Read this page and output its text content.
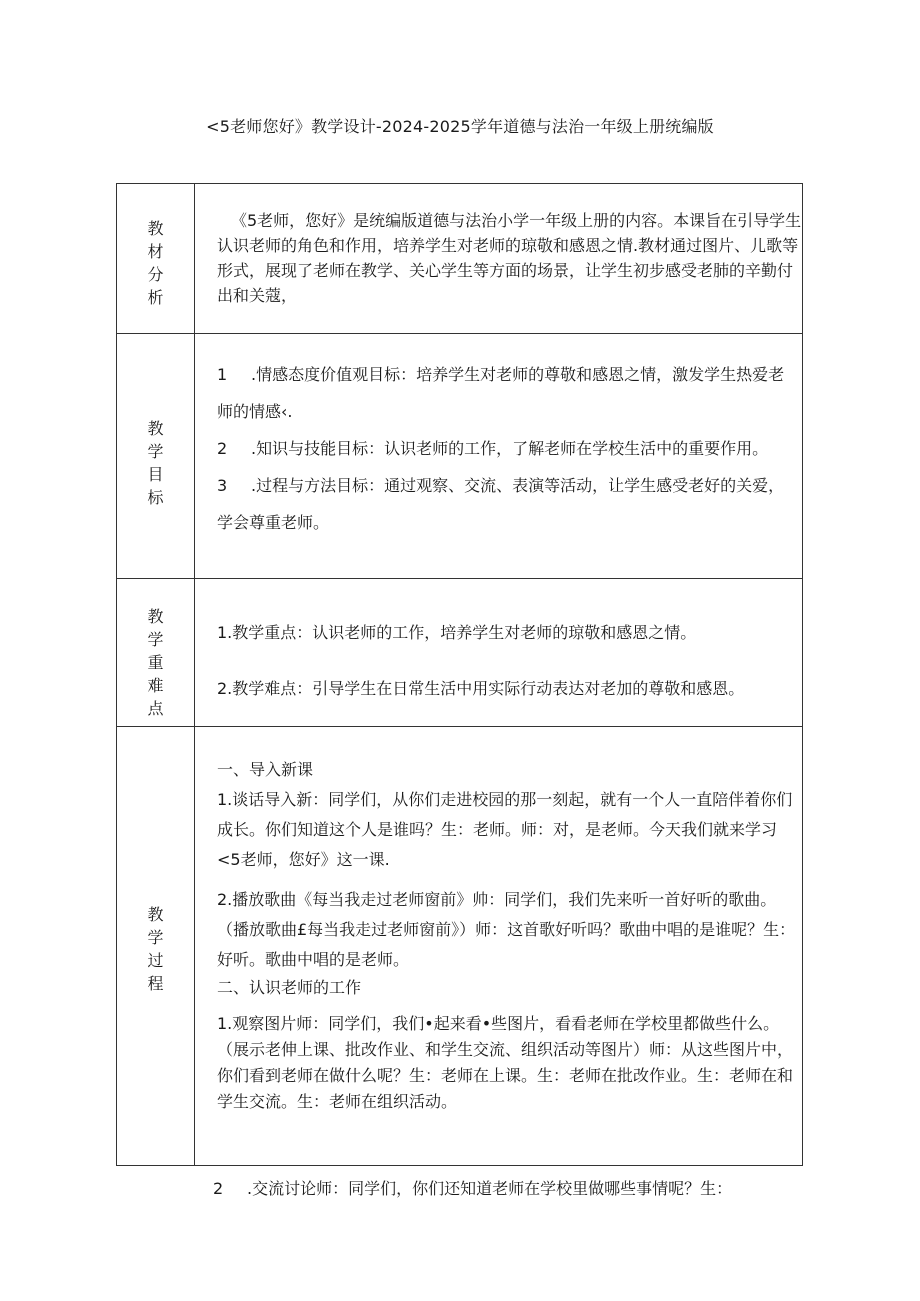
<5老师您好》教学设计-2024-2025学年道德与法治一年级上册统编版
教材分析	《5老师，您好》是统编版道德与法治小学一年级上册的内容。本课旨在引导学生认识老师的角色和作用，培养学生对老师的琼敬和感恩之情.教材通过图片、儿歌等形式，展现了老师在教学、关心学生等方面的场景，让学生初步感受老肺的辛勤付出和关蔻，

教学目标	1 .情感态度价值观目标：培养学生对老师的尊敬和感恩之情，激发学生热爱老师的情感‹.

2 .知识与技能目标：认识老师的工作，了解老师在学校生活中的重要作用。

3 .过程与方法目标：通过观察、交流、表演等活动，让学生感受老好的关爱，学会尊重老师。

教学重难点	1.教学重点：认识老师的工作，培养学生对老师的琼敬和感恩之情。

2.教学难点：引导学生在日常生活中用实际行动表达对老加的尊敬和感恩。

教学过程	一、导入新课

1.谈话导入新：同学们，从你们走进校园的那一刻起，就有一个人一直陪伴着你们成长。你们知道这个人是谁吗？生：老师。师：对，是老师。今天我们就来学习<5老师，您好》这一课.

2.播放歌曲《每当我走过老师窗前》帅：同学们，我们先来听一首好听的歌曲。（播放歌曲£每当我走过老师窗前》）师：这首歌好听吗？歌曲中唱的是谁呢？生：好听。歌曲中唱的是老师。

二、认识老师的工作

1.观察图片师：同学们，我们•起来看•些图片，看看老师在学校里都做些什么。（展示老伸上课、批改作业、和学生交流、组织活动等图片）师：从这些图片中，你们看到老师在做什么呢？生：老师在上课。生：老师在批改作业。生：老师在和学生交流。生：老师在组织活动。

2 .交流讨论师：同学们，你们还知道老师在学校里做哪些事情呢？生：
